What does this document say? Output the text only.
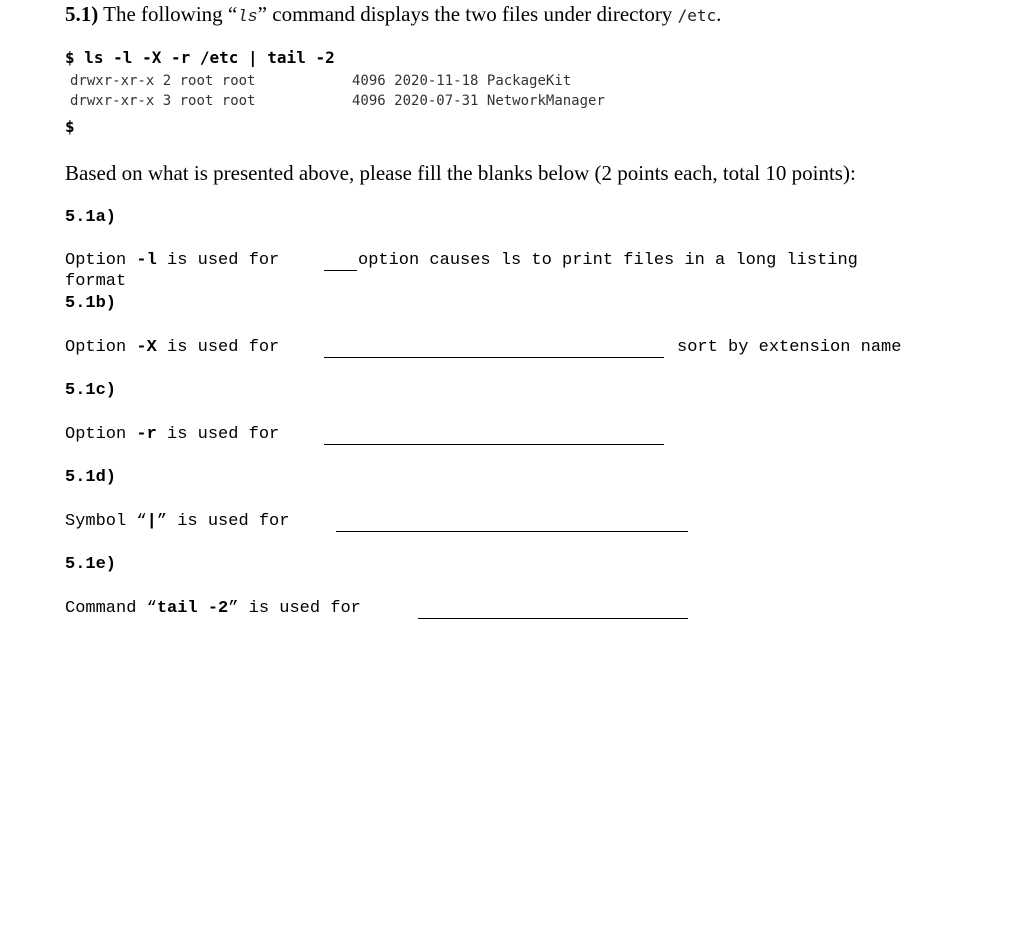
5.1) The following “ls” command displays the two files under directory /etc.
$ ls -l -X -r /etc | tail -2
drwxr-xr-x 2 root root	4096 2020-11-18 PackageKit
drwxr-xr-x 3 root root	4096 2020-07-31 NetworkManager
$
Based on what is presented above, please fill the blanks below (2 points each, total 10 points):
5.1a)
Option -l is used for	option causes ls to print files in a long listing
format
5.1b)
Option -X is used for	sort by extension name
5.1c)
Option -r is used for
5.1d)
Symbol “|” is used for
5.1e)
Command “tail -2” is used for
